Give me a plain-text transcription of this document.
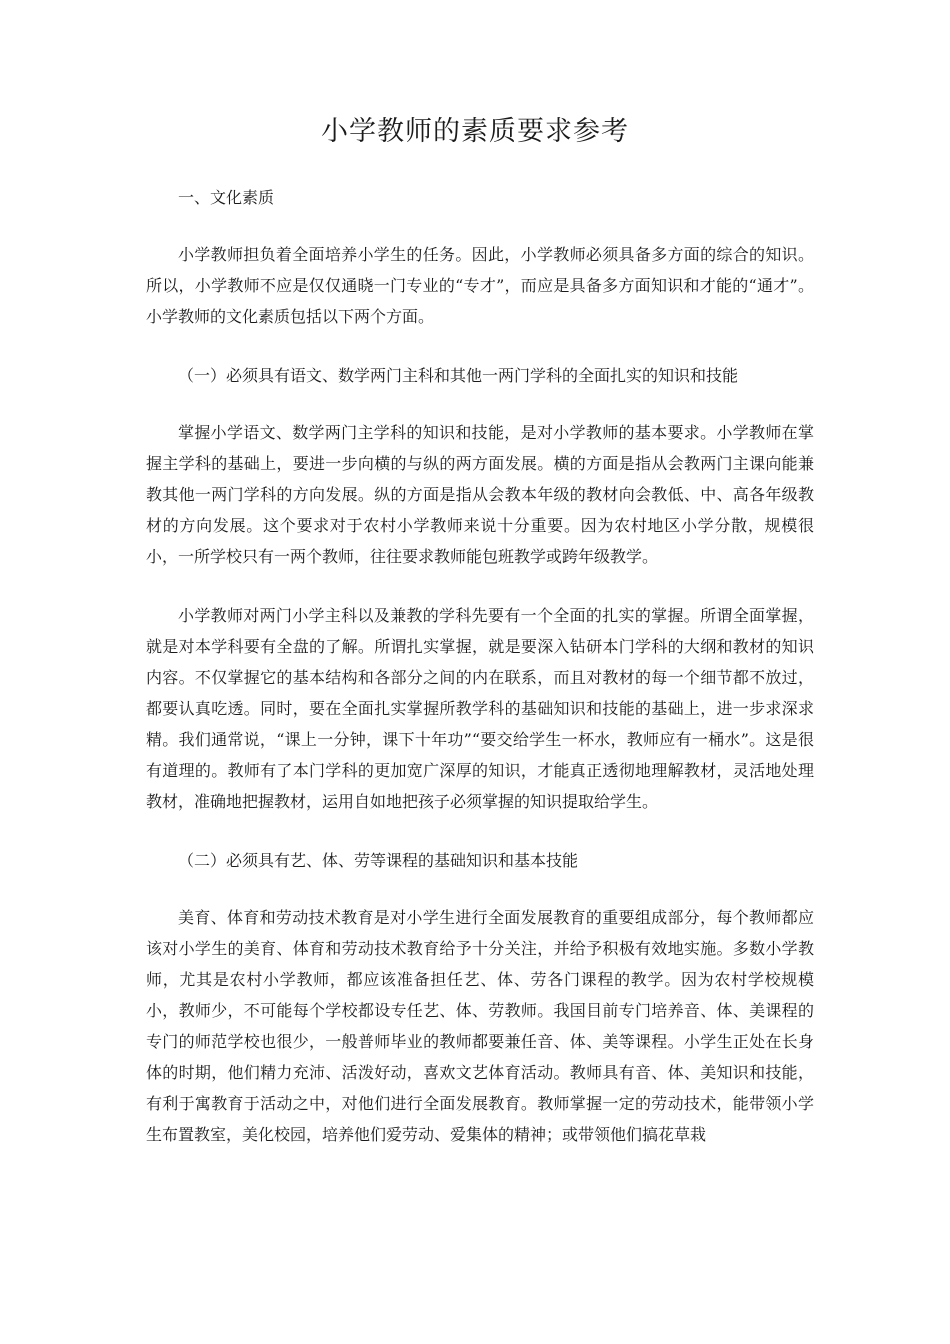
小学教师的素质要求参考

一、文化素质

小学教师担负着全面培养小学生的任务。因此，小学教师必须具备多方面的综合的知识。所以，小学教师不应是仅仅通晓一门专业的“专才”，而应是具备多方面知识和才能的“通才”。小学教师的文化素质包括以下两个方面。

（一）必须具有语文、数学两门主科和其他一两门学科的全面扎实的知识和技能

掌握小学语文、数学两门主学科的知识和技能，是对小学教师的基本要求。小学教师在掌握主学科的基础上，要进一步向横的与纵的两方面发展。横的方面是指从会教两门主课向能兼教其他一两门学科的方向发展。纵的方面是指从会教本年级的教材向会教低、中、高各年级教材的方向发展。这个要求对于农村小学教师来说十分重要。因为农村地区小学分散，规模很小，一所学校只有一两个教师，往往要求教师能包班教学或跨年级教学。

小学教师对两门小学主科以及兼教的学科先要有一个全面的扎实的掌握。所谓全面掌握，就是对本学科要有全盘的了解。所谓扎实掌握，就是要深入钻研本门学科的大纲和教材的知识内容。不仅掌握它的基本结构和各部分之间的内在联系，而且对教材的每一个细节都不放过，都要认真吃透。同时，要在全面扎实掌握所教学科的基础知识和技能的基础上，进一步求深求精。我们通常说，“课上一分钟，课下十年功”“要交给学生一杯水，教师应有一桶水”。这是很有道理的。教师有了本门学科的更加宽广深厚的知识，才能真正透彻地理解教材，灵活地处理教材，准确地把握教材，运用自如地把孩子必须掌握的知识提取给学生。

（二）必须具有艺、体、劳等课程的基础知识和基本技能

美育、体育和劳动技术教育是对小学生进行全面发展教育的重要组成部分，每个教师都应该对小学生的美育、体育和劳动技术教育给予十分关注，并给予积极有效地实施。多数小学教师，尤其是农村小学教师，都应该准备担任艺、体、劳各门课程的教学。因为农村学校规模小，教师少，不可能每个学校都设专任艺、体、劳教师。我国目前专门培养音、体、美课程的专门的师范学校也很少，一般普师毕业的教师都要兼任音、体、美等课程。小学生正处在长身体的时期，他们精力充沛、活泼好动，喜欢文艺体育活动。教师具有音、体、美知识和技能，有利于寓教育于活动之中，对他们进行全面发展教育。教师掌握一定的劳动技术，能带领小学生布置教室，美化校园，培养他们爱劳动、爱集体的精神；或带领他们搞花草栽
